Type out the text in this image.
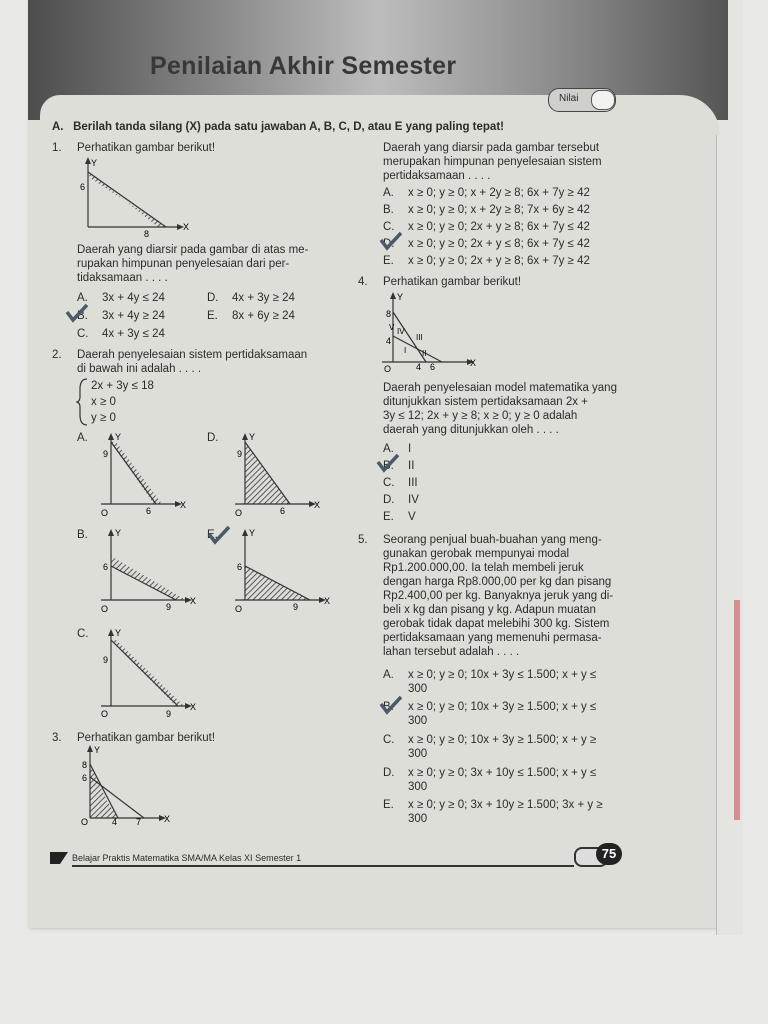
Penilaian Akhir Semester
Nilai
A.   Berilah tanda silang (X) pada satu jawaban A, B, C, D, atau E yang paling tepat!
1. Perhatikan gambar berikut!
Y
6
8
X
Daerah yang diarsir pada gambar di atas me-
rupakan himpunan penyelesaian dari per-
tidaksamaan . . . .
A. 3x + 4y ≤ 24
B. 3x + 4y ≥ 24
C. 4x + 3y ≤ 24
D. 4x + 3y ≥ 24
E. 8x + 6y ≥ 24
2. Daerah penyelesaian sistem pertidaksamaan
di bawah ini adalah . . . .
2x + 3y ≤ 18
x ≥ 0
y ≥ 0
A.	Y
9
6
O
X
D.	Y
9
6
O
X
B.	Y
6
9
O
X
E.	Y
6
9
O
X
C.	Y
9
9
O
X
3. Perhatikan gambar berikut!
Y
8
6
4 7
O	X
Daerah yang diarsir pada gambar tersebut
merupakan himpunan penyelesaian sistem
pertidaksamaan . . . .
A. x ≥ 0; y ≥ 0; x + 2y ≥ 8; 6x + 7y ≥ 42
B. x ≥ 0; y ≥ 0; x + 2y ≥ 8; 7x + 6y ≥ 42
C. x ≥ 0; y ≥ 0; 2x + y ≥ 8; 6x + 7y ≤ 42
D. x ≥ 0; y ≥ 0; 2x + y ≤ 8; 6x + 7y ≤ 42
E. x ≥ 0; y ≥ 0; 2x + y ≥ 8; 6x + 7y ≥ 42
4. Perhatikan gambar berikut!
Y
8
4
4 6
O
X
V IV
III
I II
Daerah penyelesaian model matematika yang
ditunjukkan sistem pertidaksamaan 2x +
3y ≤ 12; 2x + y ≥ 8; x ≥ 0; y ≥ 0 adalah
daerah yang ditunjukkan oleh . . . .
A. I
B. II
C. III
D. IV
E. V
5. Seorang penjual buah-buahan yang meng-
gunakan gerobak mempunyai modal
Rp1.200.000,00. Ia telah membeli jeruk
dengan harga Rp8.000,00 per kg dan pisang
Rp2.400,00 per kg. Banyaknya jeruk yang di-
beli x kg dan pisang y kg. Adapun muatan
gerobak tidak dapat melebihi 300 kg. Sistem
pertidaksamaan yang memenuhi permasa-
lahan tersebut adalah . . . .
A. x ≥ 0; y ≥ 0; 10x + 3y ≤ 1.500; x + y ≤
300
B. x ≥ 0; y ≥ 0; 10x + 3y ≥ 1.500; x + y ≤
300
C. x ≥ 0; y ≥ 0; 10x + 3y ≥ 1.500; x + y ≥
300
D. x ≥ 0; y ≥ 0; 3x + 10y ≤ 1.500; x + y ≤
300
E. x ≥ 0; y ≥ 0; 3x + 10y ≥ 1.500; 3x + y ≥
300
Belajar Praktis Matematika SMA/MA Kelas XI Semester 1	75
